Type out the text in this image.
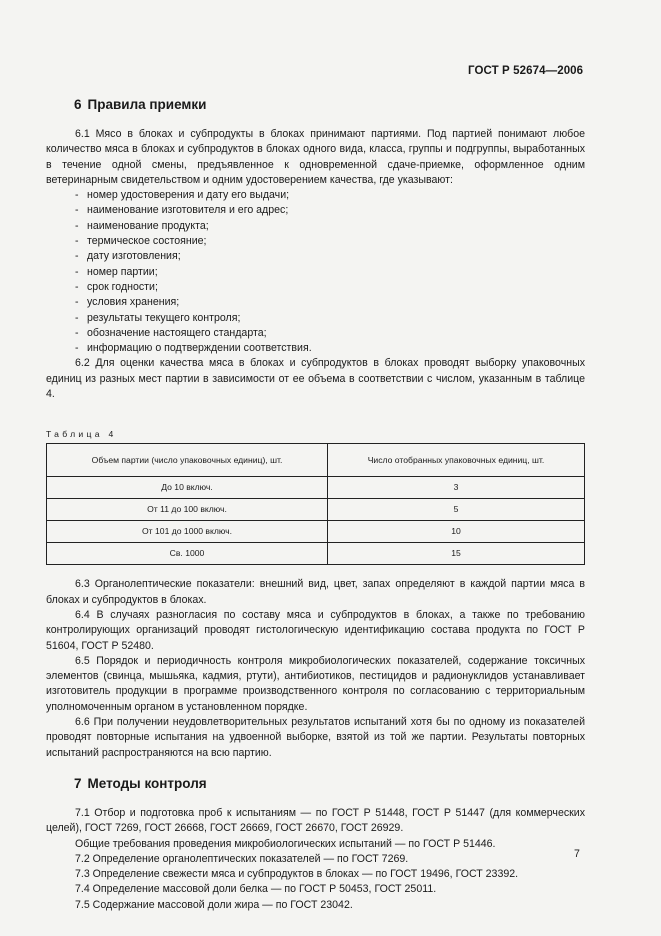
ГОСТ Р 52674—2006
6 Правила приемки

6.1 Мясо в блоках и субпродукты в блоках принимают партиями. Под партией понимают любое количество мяса в блоках и субпродуктов в блоках одного вида, класса, группы и подгруппы, выработанных в течение одной смены, предъявленное к одновременной сдаче-приемке, оформленное одним ветеринарным свидетельством и одним удостоверением качества, где указывают:

- номер удостоверения и дату его выдачи;
- наименование изготовителя и его адрес;
- наименование продукта;
- термическое состояние;
- дату изготовления;
- номер партии;
- срок годности;
- условия хранения;
- результаты текущего контроля;
- обозначение настоящего стандарта;
- информацию о подтверждении соответствия.

6.2 Для оценки качества мяса в блоках и субпродуктов в блоках проводят выборку упаковочных единиц из разных мест партии в зависимости от ее объема в соответствии с числом, указанным в таблице 4.

Таблица 4
Объем партии (число упаковочных единиц), шт.	Число отобранных упаковочных единиц, шт.
До 10 включ.	3
От 11 до 100 включ.	5
От 101 до 1000 включ.	10
Св. 1000	15

6.3 Органолептические показатели: внешний вид, цвет, запах определяют в каждой партии мяса в блоках и субпродуктов в блоках.

6.4 В случаях разногласия по составу мяса и субпродуктов в блоках, а также по требованию контролирующих организаций проводят гистологическую идентификацию состава продукта по ГОСТ Р 51604, ГОСТ Р 52480.

6.5 Порядок и периодичность контроля микробиологических показателей, содержание токсичных элементов (свинца, мышьяка, кадмия, ртути), антибиотиков, пестицидов и радионуклидов устанавливает изготовитель продукции в программе производственного контроля по согласованию с территориальным уполномоченным органом в установленном порядке.

6.6 При получении неудовлетворительных результатов испытаний хотя бы по одному из показателей проводят повторные испытания на удвоенной выборке, взятой из той же партии. Результаты повторных испытаний распространяются на всю партию.

7 Методы контроля

7.1 Отбор и подготовка проб к испытаниям — по ГОСТ Р 51448, ГОСТ Р 51447 (для коммерческих целей), ГОСТ 7269, ГОСТ 26668, ГОСТ 26669, ГОСТ 26670, ГОСТ 26929.

Общие требования проведения микробиологических испытаний — по ГОСТ Р 51446.

7.2 Определение органолептических показателей — по ГОСТ 7269.

7.3 Определение свежести мяса и субпродуктов в блоках — по ГОСТ 19496, ГОСТ 23392.

7.4 Определение массовой доли белка — по ГОСТ Р 50453, ГОСТ 25011.

7.5 Содержание массовой доли жира — по ГОСТ 23042.

7
